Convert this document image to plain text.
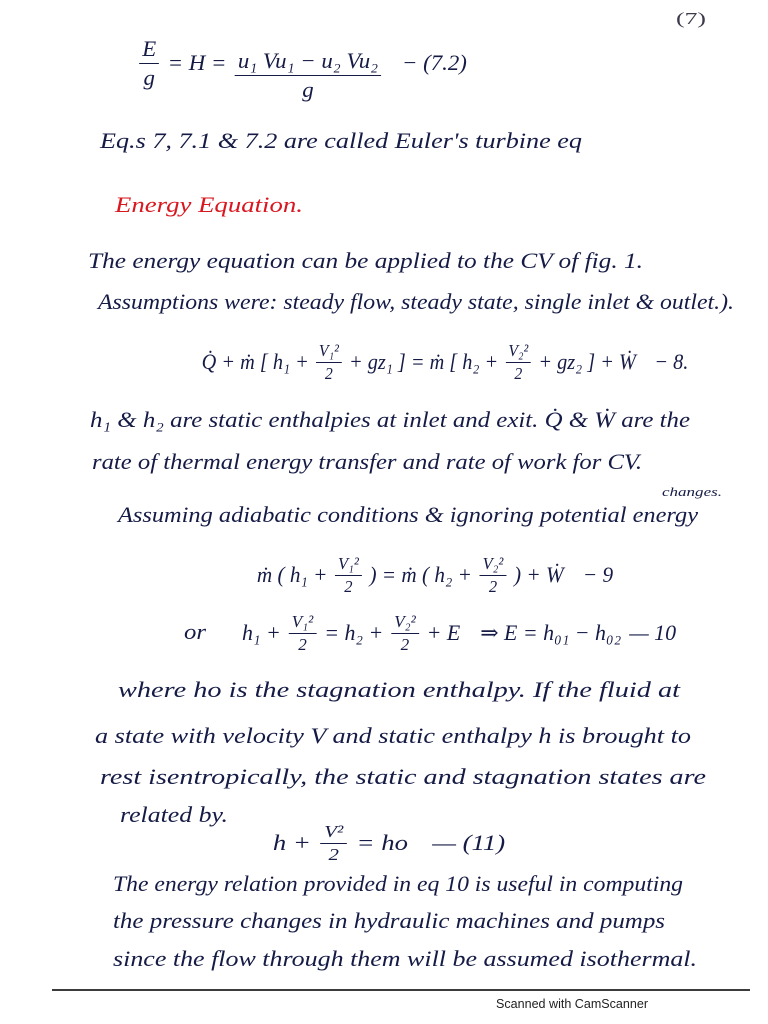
(7)
$\frac{E}{g} = H = \frac{\text{u₁ Vu₁ − u₂ Vu₂}}{g} - (7.2)$
Eq.s 7, 7.1 & 7.2 are called Euler's turbine eq
Energy Equation.
The energy equation can be applied to the CV of fig. 1.
Assumptions were: steady flow, steady state, single inlet & outlet.).
Q̇ + ṁ [ $h_1 + \frac{\text{V₁²}}{2} + gz_1$ ] = ṁ [ $h_2 + \frac{\text{V₂²}}{2} + gz_2$ ] + Ẇ − 8.
h₁ & h₂ are static enthalpies at inlet and exit. Q̇ & Ẇ are the
rate of thermal energy transfer and rate of work for CV.
changes.
Assuming adiabatic conditions & ignoring potential energy
ṁ ( $h_1 + \frac{\text{V₁²}}{2}$ ) = ṁ ( $h_2 + \frac{\text{V₂²}}{2}$ ) + Ẇ − 9
or $h_1 + \frac{\text{V₁²}}{2} = h_2 + \frac{\text{V₂²}}{2} + E$ ⇒ E = h₀₁ − h₀₂ — 10
where ho is the stagnation enthalpy. If the fluid at
a state with velocity V and static enthalpy h is brought to
rest isentropically, the static and stagnation states are
related by.
$h + \frac{\text{V²}}{2}$ = ho — (11)
The energy relation provided in eq 10 is useful in computing
the pressure changes in hydraulic machines and pumps
since the flow through them will be assumed isothermal.
Scanned with CamScanner
